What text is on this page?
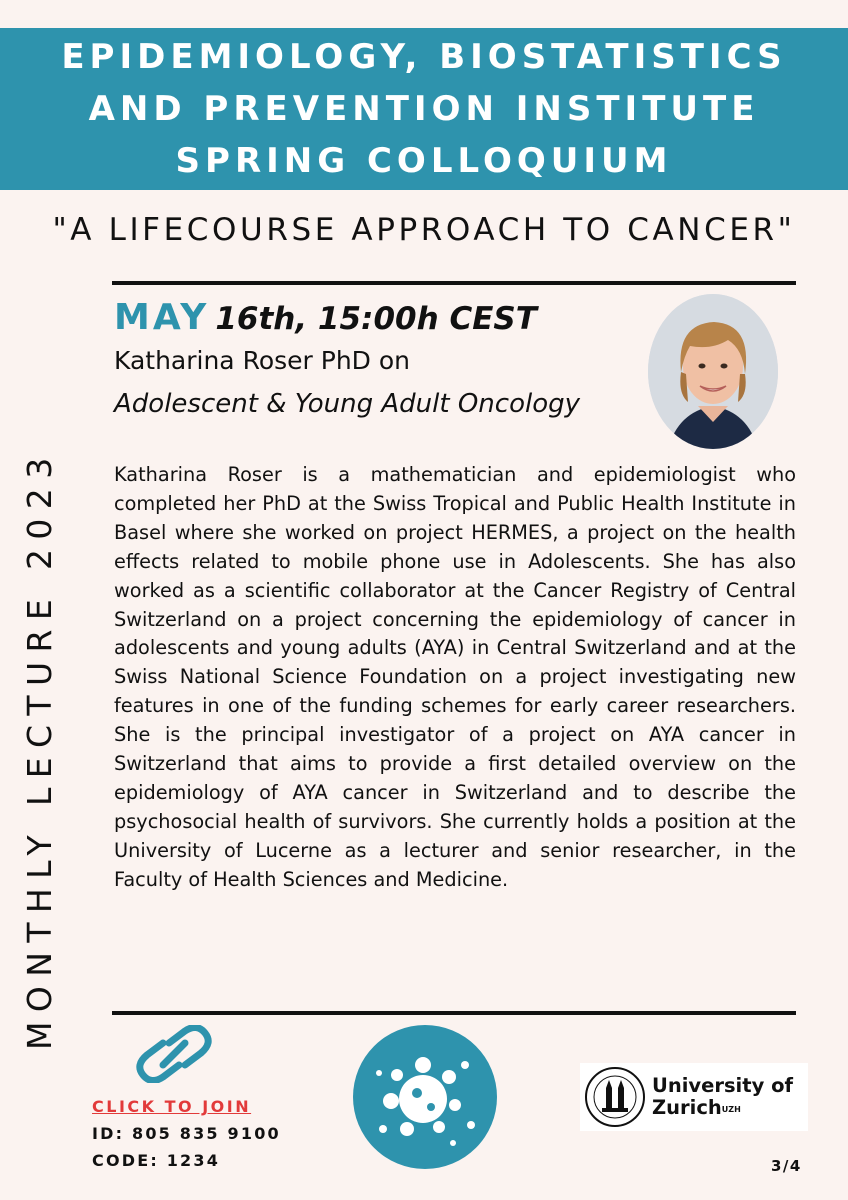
EPIDEMIOLOGY, BIOSTATISTICS
AND PREVENTION INSTITUTE
SPRING COLLOQUIUM
"A LIFECOURSE APPROACH TO CANCER"
MONTHLY LECTURE 2023
MAY 16th, 15:00h CEST
Katharina Roser PhD on
Adolescent & Young Adult Oncology
Katharina Roser is a mathematician and epidemiologist who completed her PhD at the Swiss Tropical and Public Health Institute in Basel where she worked on project HERMES, a project on the health effects related to mobile phone use in Adolescents. She has also worked as a scientific collaborator at the Cancer Registry of Central Switzerland on a project concerning the epidemiology of cancer in adolescents and young adults (AYA) in Central Switzerland and at the Swiss National Science Foundation on a project investigating new features in one of the funding schemes for early career researchers. She is the principal investigator of a project on AYA cancer in Switzerland that aims to provide a first detailed overview on the epidemiology of AYA cancer in Switzerland and to describe the psychosocial health of survivors. She currently holds a position at the University of Lucerne as a lecturer and senior researcher, in the Faculty of Health Sciences and Medicine.
CLICK TO JOIN
ID: 805 835 9100
CODE: 1234
University of
Zurich$^{UZH}$
3/4
